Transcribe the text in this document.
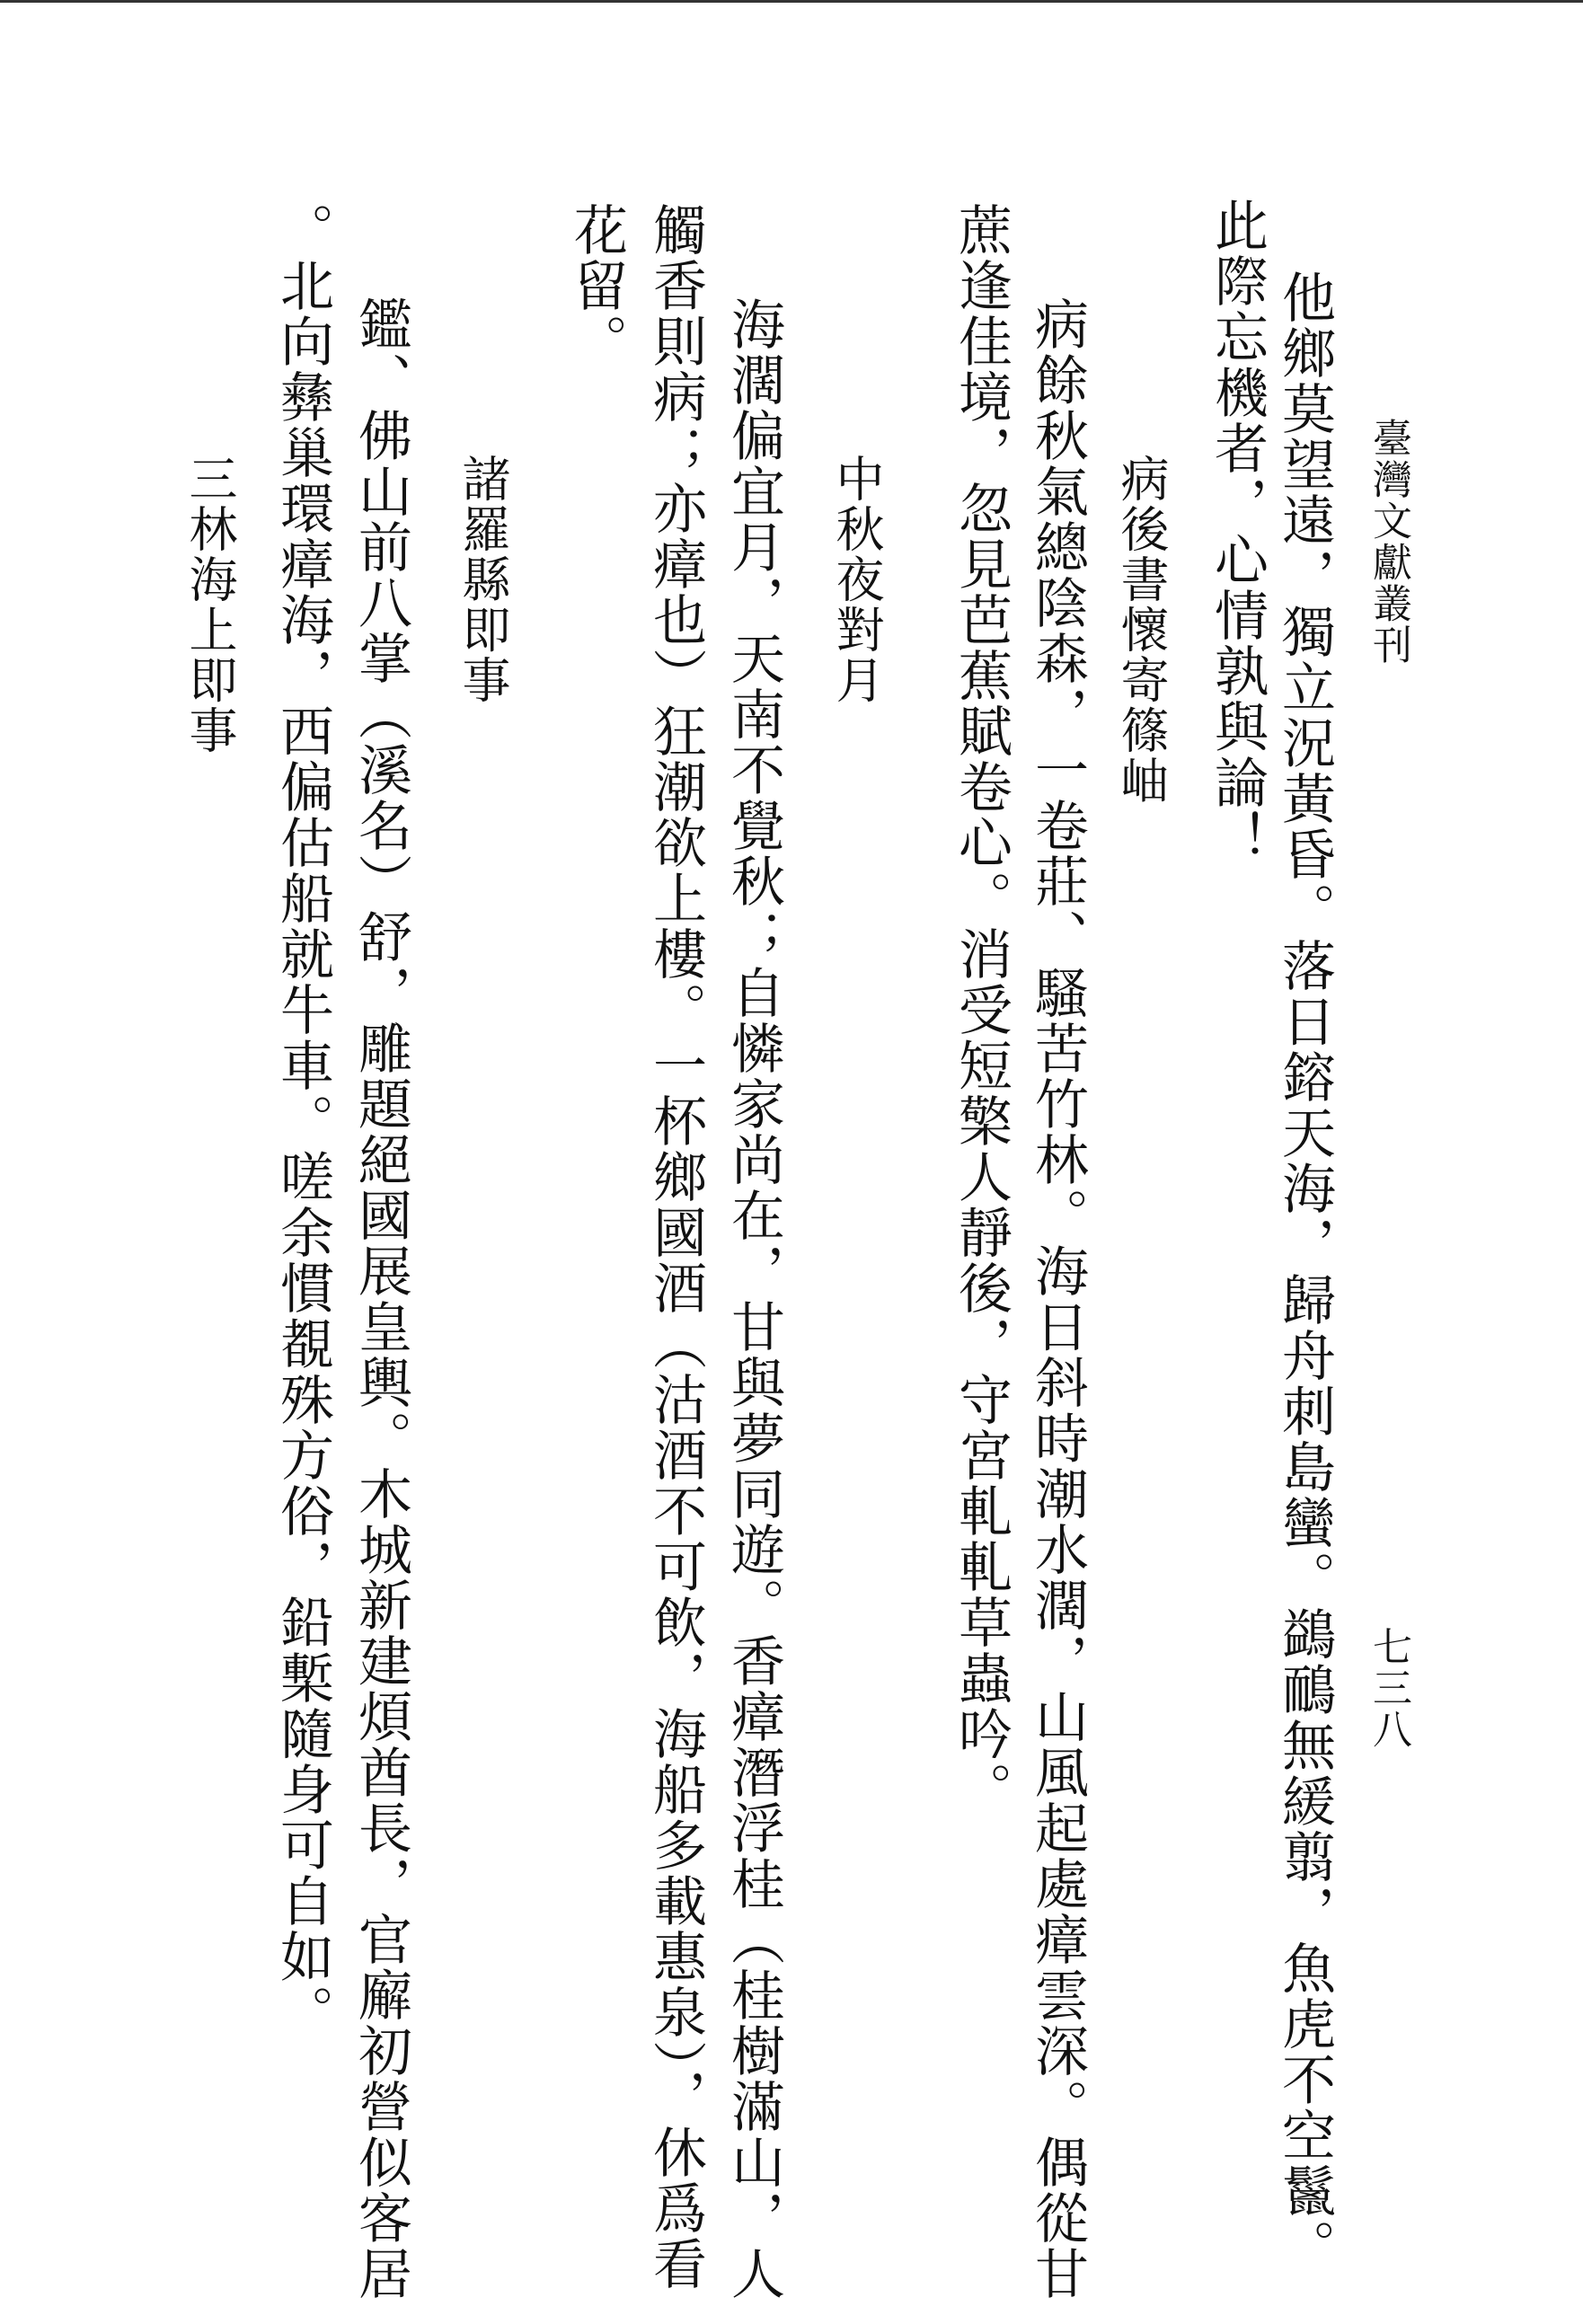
臺灣文獻叢刊
七三八
他鄉莫望遠，獨立況黃昏。落日鎔天海，歸舟刺島蠻。鷁鴯無緩翦，魚虎不空鬣。
此際忘機者，心情孰與論！
病後書懷寄篠岫
病餘秋氣總陰森，一卷莊、騷苦竹林。海日斜時潮水濶，山風起處瘴雲深。偶從甘
蔗逢佳境，忽見芭蕉賦卷心。消受短檠人靜後，守宮軋軋草蟲吟。
中秋夜對月
海濶偏宜月，天南不覺秋；自憐家尚在，甘與夢同遊。香瘴潛浮桂（桂樹滿山，人
觸香則病；亦瘴也）狂潮欲上樓。一杯鄉國酒（沽酒不可飲，海船多載惠泉），休爲看
花留。
諸羅縣即事
鑑、佛山前八掌（溪名）舒，雕題絕國展皇輿。木城新建煩酋長，官廨初營似客居
。北向彝巢環瘴海，西偏估船就牛車。嗟余慣覩殊方俗，鉛槧隨身可自如。
三林海上即事
